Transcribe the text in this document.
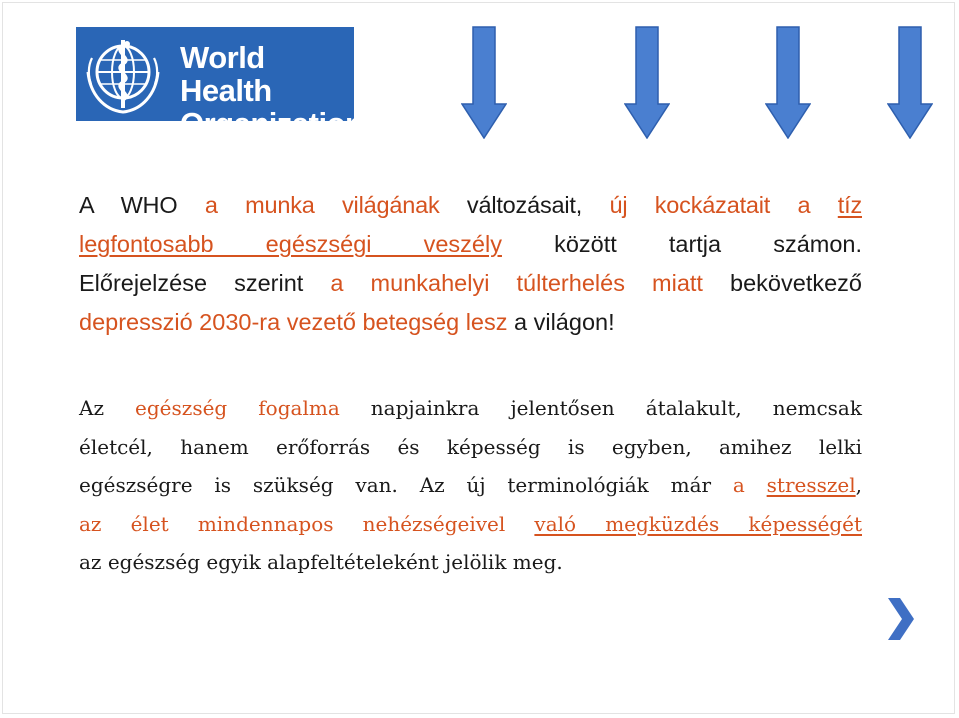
World Health
Organization
A WHO a munka világának változásait, új kockázatait a tíz
legfontosabb egészségi veszély között tartja számon.
Előrejelzése szerint a munkahelyi túlterhelés miatt bekövetkező
depresszió 2030-ra vezető betegség lesz a világon!
Az egészség fogalma napjainkra jelentősen átalakult, nemcsak
életcél, hanem erőforrás és képesség is egyben, amihez lelki
egészségre is szükség van. Az új terminológiák már a stresszel,
az élet mindennapos nehézségeivel való megküzdés képességét
az egészség egyik alapfeltételeként jelölik meg.
